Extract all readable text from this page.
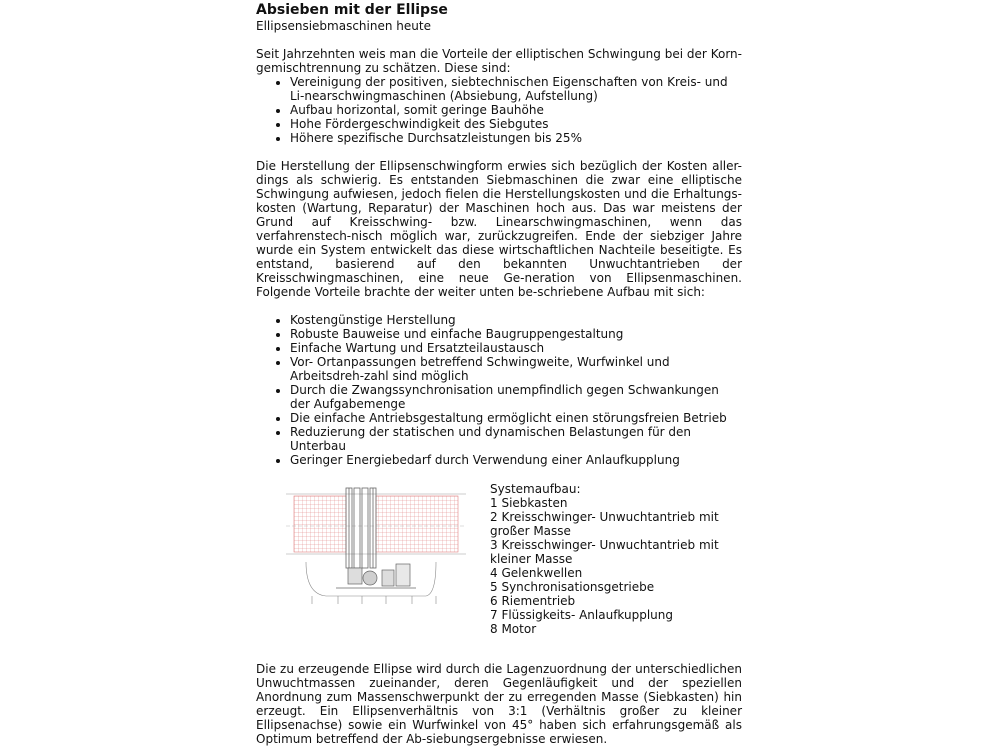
Absieben mit der Ellipse
Ellipsensiebmaschinen heute

Seit Jahrzehnten weis man die Vorteile der elliptischen Schwingung bei der Korn-gemischtrennung zu schätzen. Diese sind:

• Vereinigung der positiven, siebtechnischen Eigenschaften von Kreis- und Li-nearschwingmaschinen (Absiebung, Aufstellung)
• Aufbau horizontal, somit geringe Bauhöhe
• Hohe Fördergeschwindigkeit des Siebgutes
• Höhere spezifische Durchsatzleistungen bis 25%

Die Herstellung der Ellipsenschwingform erwies sich bezüglich der Kosten aller-dings als schwierig. Es entstanden Siebmaschinen die zwar eine elliptische Schwingung aufwiesen, jedoch fielen die Herstellungskosten und die Erhaltungs-kosten (Wartung, Reparatur) der Maschinen hoch aus. Das war meistens der Grund auf Kreisschwing- bzw. Linearschwingmaschinen, wenn das verfahrenstech-nisch möglich war, zurückzugreifen. Ende der siebziger Jahre wurde ein System entwickelt das diese wirtschaftlichen Nachteile beseitigte. Es entstand, basierend auf den bekannten Unwuchtantrieben der Kreisschwingmaschinen, eine neue Ge-neration von Ellipsenmaschinen. Folgende Vorteile brachte der weiter unten be-schriebene Aufbau mit sich:

• Kostengünstige Herstellung
• Robuste Bauweise und einfache Baugruppengestaltung
• Einfache Wartung und Ersatzteilaustausch
• Vor- Ortanpassungen betreffend Schwingweite, Wurfwinkel und Arbeitsdreh-zahl sind möglich
• Durch die Zwangssynchronisation unempfindlich gegen Schwankungen der Aufgabemenge
• Die einfache Antriebsgestaltung ermöglicht einen störungsfreien Betrieb
• Reduzierung der statischen und dynamischen Belastungen für den Unterbau
• Geringer Energiebedarf durch Verwendung einer Anlaufkupplung
Systemaufbau:
1 Siebkasten
2 Kreisschwinger- Unwuchtantrieb mit großer Masse
3 Kreisschwinger- Unwuchtantrieb mit kleiner Masse
4 Gelenkwellen
5 Synchronisationsgetriebe
6 Riementrieb
7 Flüssigkeits- Anlaufkupplung
8 Motor

Die zu erzeugende Ellipse wird durch die Lagenzuordnung der unterschiedlichen Unwuchtmassen zueinander, deren Gegenläufigkeit und der speziellen Anordnung zum Massenschwerpunkt der zu erregenden Masse (Siebkasten) hin erzeugt. Ein Ellipsenverhältnis von 3:1 (Verhältnis großer zu kleiner Ellipsenachse) sowie ein Wurfwinkel von 45° haben sich erfahrungsgemäß als Optimum betreffend der Ab-siebungsergebnisse erwiesen.
